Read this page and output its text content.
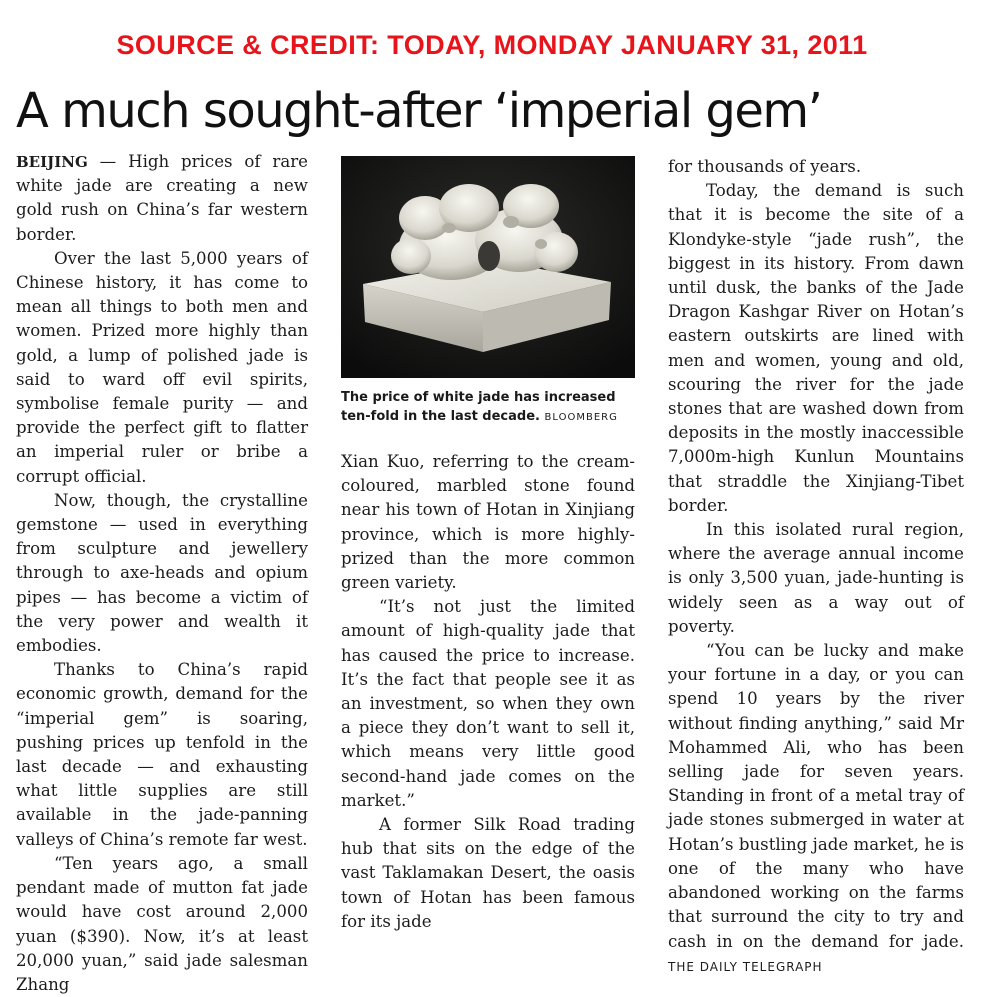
SOURCE & CREDIT: TODAY, MONDAY JANUARY 31, 2011
A much sought-after ‘imperial gem’

BEIJING — High prices of rare white jade are creating a new gold rush on China’s far western border.

Over the last 5,000 years of Chinese history, it has come to mean all things to both men and women. Prized more highly than gold, a lump of polished jade is said to ward off evil spirits, symbolise female purity — and provide the perfect gift to flatter an imperial ruler or bribe a corrupt official.

Now, though, the crystalline gemstone — used in everything from sculpture and jewellery through to axe-heads and opium pipes — has become a victim of the very power and wealth it embodies.

Thanks to China’s rapid economic growth, demand for the “imperial gem” is soaring, pushing prices up tenfold in the last decade — and exhausting what little supplies are still available in the jade-panning valleys of China’s remote far west.

“Ten years ago, a small pendant made of mutton fat jade would have cost around 2,000 yuan ($390). Now, it’s at least 20,000 yuan,” said jade salesman Zhang

The price of white jade has increased ten-fold in the last decade. BLOOMBERG

Xian Kuo, referring to the cream-coloured, marbled stone found near his town of Hotan in Xinjiang province, which is more highly-prized than the more common green variety.

“It’s not just the limited amount of high-quality jade that has caused the price to increase. It’s the fact that people see it as an investment, so when they own a piece they don’t want to sell it, which means very little good second-hand jade comes on the market.”

A former Silk Road trading hub that sits on the edge of the vast Taklamakan Desert, the oasis town of Hotan has been famous for its jade

for thousands of years.

Today, the demand is such that it is become the site of a Klondyke-style “jade rush”, the biggest in its history. From dawn until dusk, the banks of the Jade Dragon Kashgar River on Hotan’s eastern outskirts are lined with men and women, young and old, scouring the river for the jade stones that are washed down from deposits in the mostly inaccessible 7,000m-high Kunlun Mountains that straddle the Xinjiang-Tibet border.

In this isolated rural region, where the average annual income is only 3,500 yuan, jade-hunting is widely seen as a way out of poverty.

“You can be lucky and make your fortune in a day, or you can spend 10 years by the river without finding anything,” said Mr Mohammed Ali, who has been selling jade for seven years. Standing in front of a metal tray of jade stones submerged in water at Hotan’s bustling jade market, he is one of the many who have abandoned working on the farms that surround the city to try and cash in on the demand for jade. THE DAILY TELEGRAPH
